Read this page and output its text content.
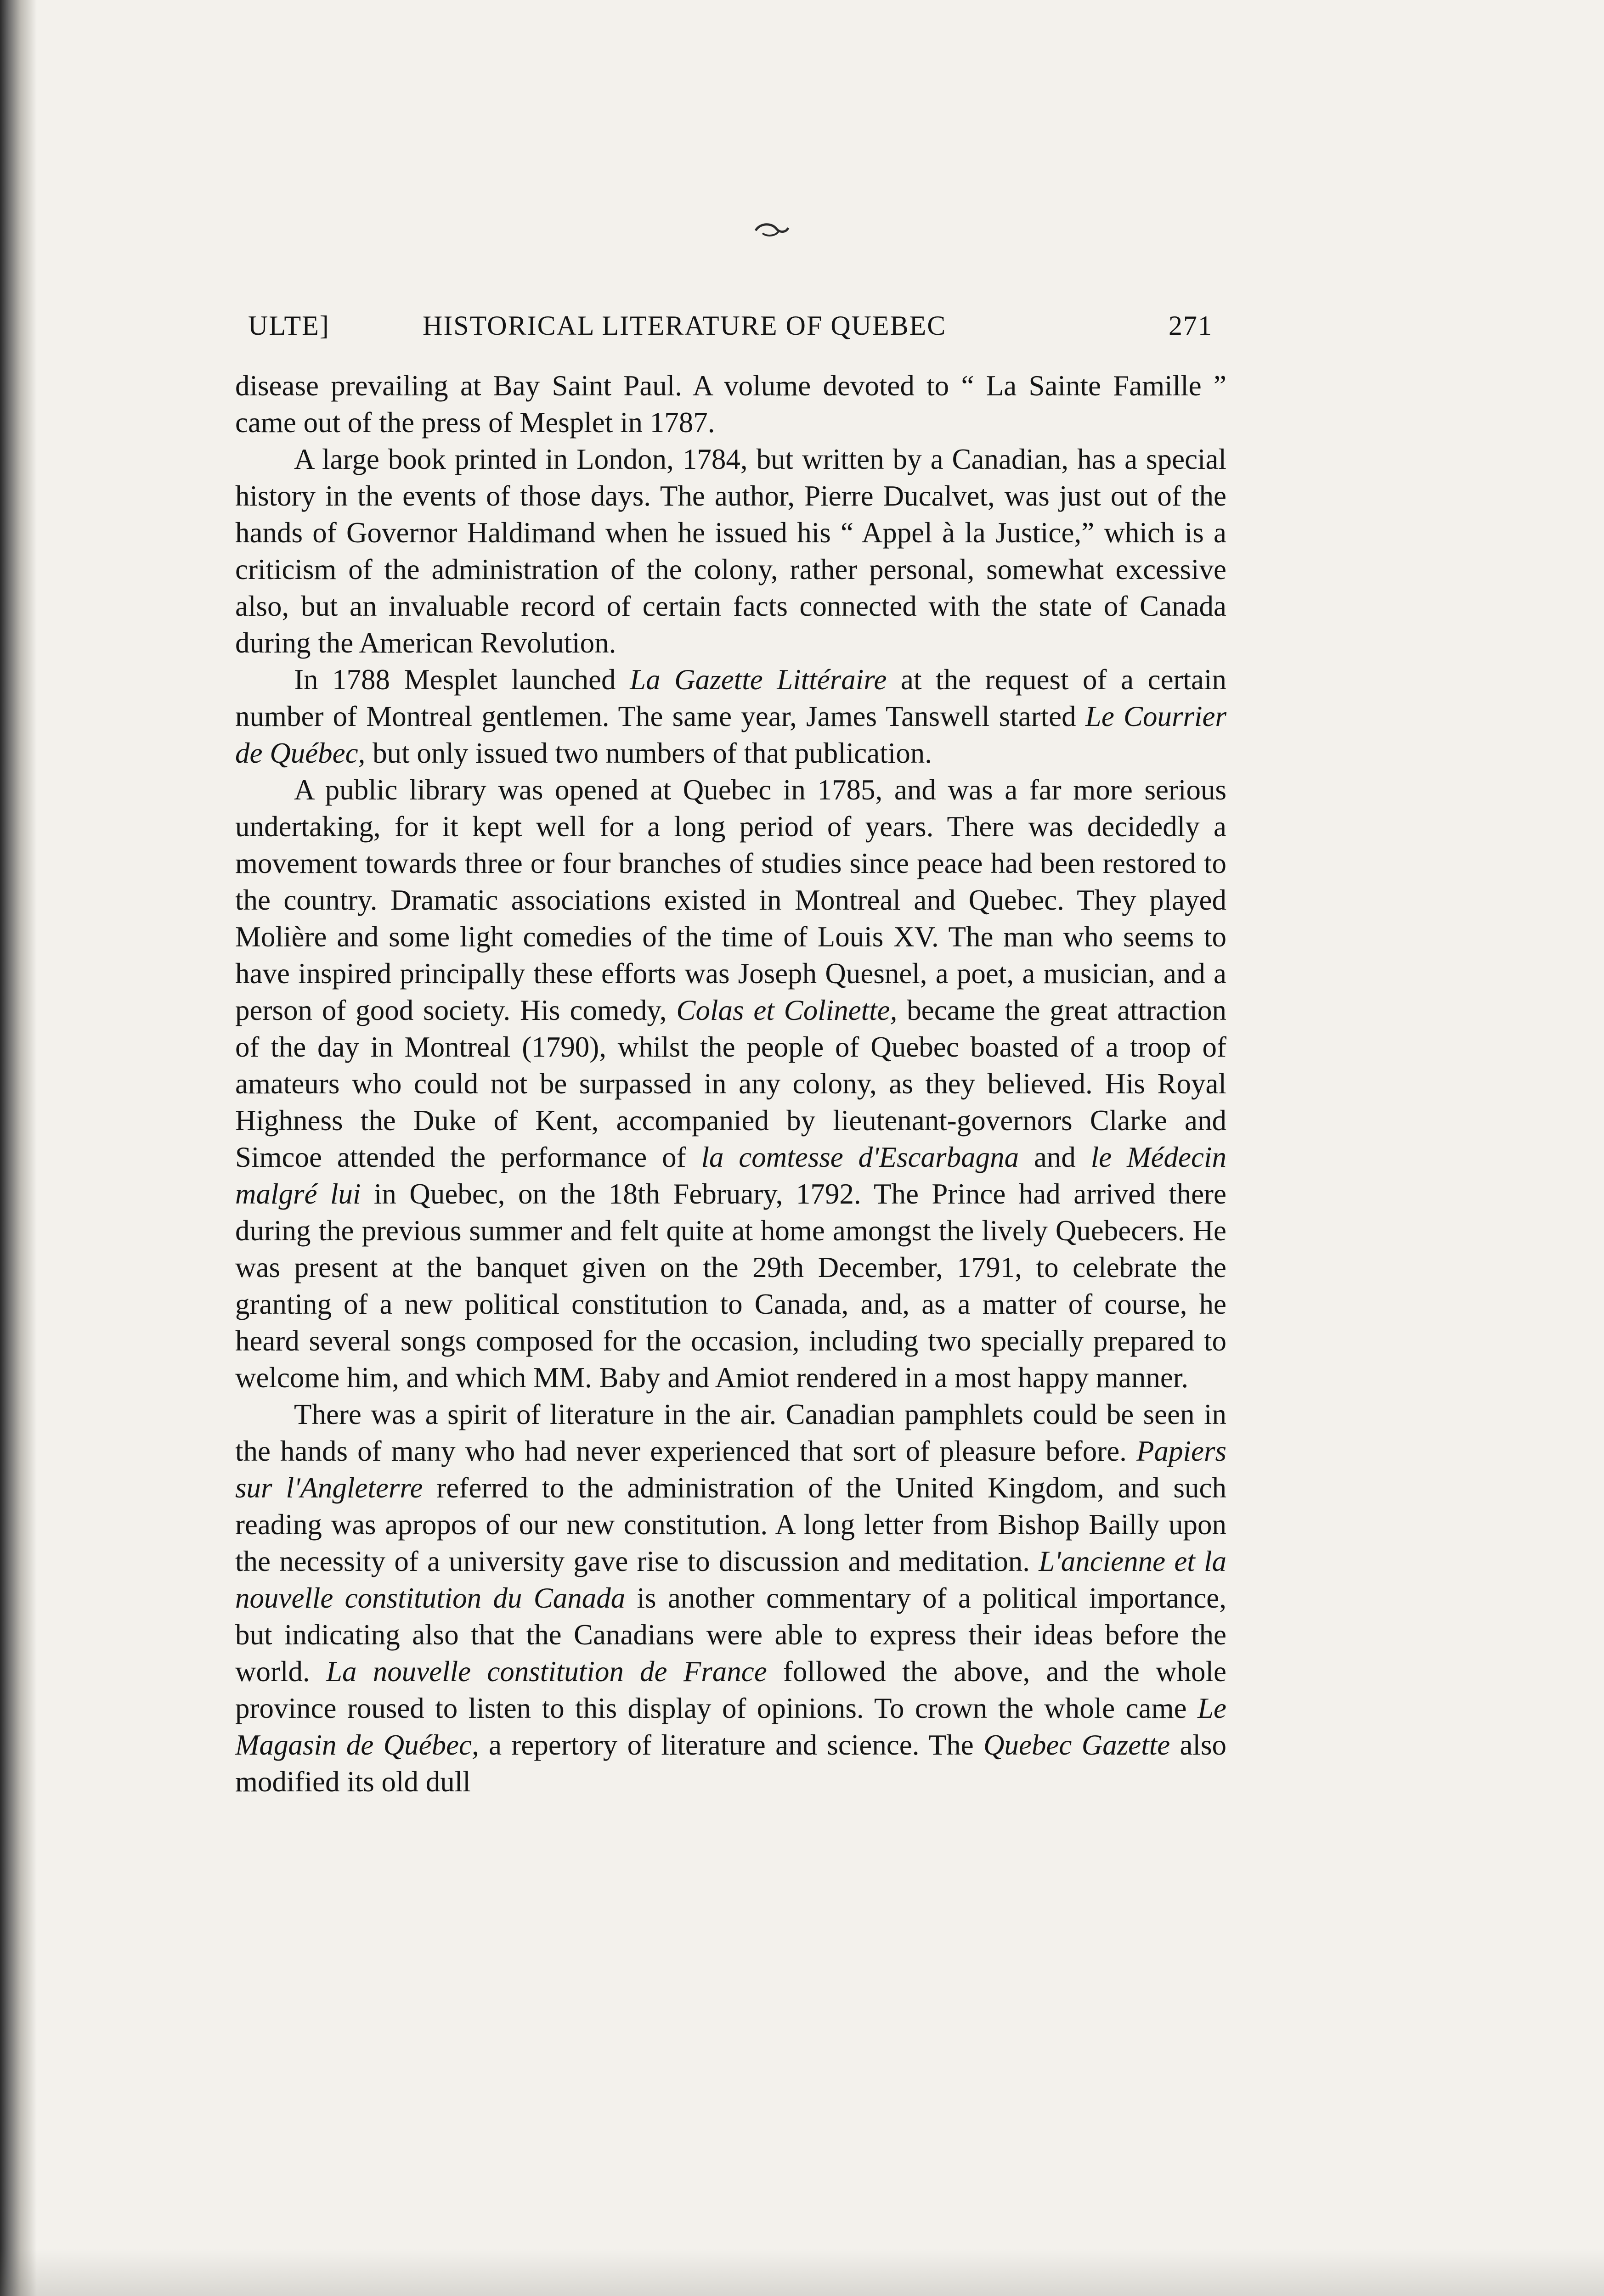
ULTE]	HISTORICAL LITERATURE OF QUEBEC	271

disease prevailing at Bay Saint Paul. A volume devoted to “ La Sainte Famille ” came out of the press of Mesplet in 1787.

A large book printed in London, 1784, but written by a Canadian, has a special history in the events of those days. The author, Pierre Ducalvet, was just out of the hands of Governor Haldimand when he issued his “ Appel à la Justice,” which is a criticism of the administration of the colony, rather personal, somewhat excessive also, but an invaluable record of certain facts connected with the state of Canada during the American Revolution.

In 1788 Mesplet launched La Gazette Littéraire at the request of a certain number of Montreal gentlemen. The same year, James Tanswell started Le Courrier de Québec, but only issued two numbers of that publication.

A public library was opened at Quebec in 1785, and was a far more serious undertaking, for it kept well for a long period of years. There was decidedly a movement towards three or four branches of studies since peace had been restored to the country. Dramatic associations existed in Montreal and Quebec. They played Molière and some light comedies of the time of Louis XV. The man who seems to have inspired principally these efforts was Joseph Quesnel, a poet, a musician, and a person of good society. His comedy, Colas et Colinette, became the great attraction of the day in Montreal (1790), whilst the people of Quebec boasted of a troop of amateurs who could not be surpassed in any colony, as they believed. His Royal Highness the Duke of Kent, accompanied by lieutenant-governors Clarke and Simcoe attended the performance of la comtesse d'Escarbagna and le Médecin malgré lui in Quebec, on the 18th February, 1792. The Prince had arrived there during the previous summer and felt quite at home amongst the lively Quebecers. He was present at the banquet given on the 29th December, 1791, to celebrate the granting of a new political constitution to Canada, and, as a matter of course, he heard several songs composed for the occasion, including two specially prepared to welcome him, and which MM. Baby and Amiot rendered in a most happy manner.

There was a spirit of literature in the air. Canadian pamphlets could be seen in the hands of many who had never experienced that sort of pleasure before. Papiers sur l'Angleterre referred to the administration of the United Kingdom, and such reading was apropos of our new constitution. A long letter from Bishop Bailly upon the necessity of a university gave rise to discussion and meditation. L'ancienne et la nouvelle constitution du Canada is another commentary of a political importance, but indicating also that the Canadians were able to express their ideas before the world. La nouvelle constitution de France followed the above, and the whole province roused to listen to this display of opinions. To crown the whole came Le Magasin de Québec, a repertory of literature and science. The Quebec Gazette also modified its old dull
